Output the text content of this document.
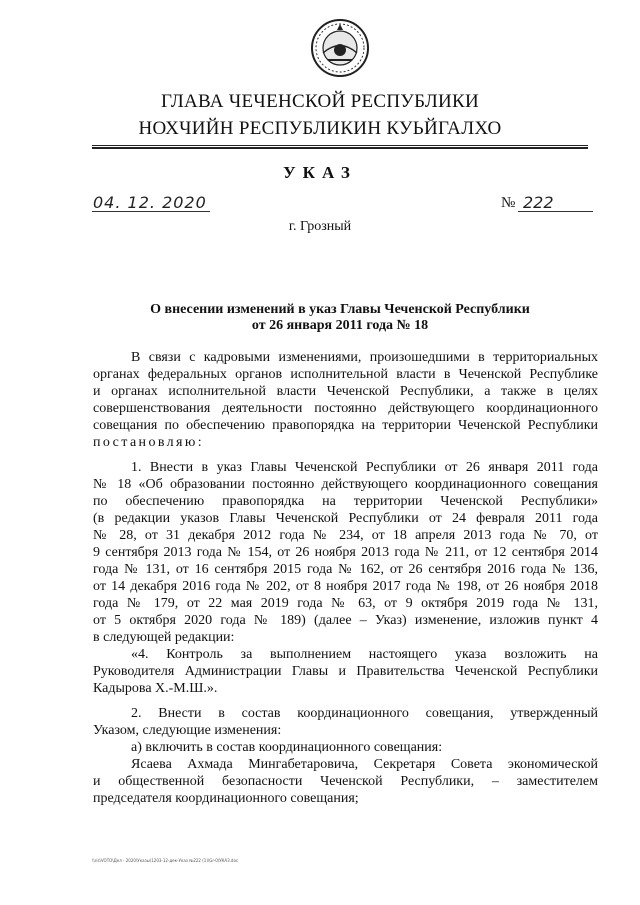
ГЛАВА ЧЕЧЕНСКОЙ РЕСПУБЛИКИ
НОХЧИЙН РЕСПУБЛИКИН КУЬЙГАЛХО
УКАЗ
04. 12. 2020	№ 222
г. Грозный
О внесении изменений в указ Главы Чеченской Республики
от 26 января 2011 года № 18
В связи с кадровыми изменениями, произошедшими в территориальных
органах федеральных органов исполнительной власти в Чеченской Республике
и органах исполнительной власти Чеченской Республики, а также в целях
совершенствования деятельности постоянно действующего координационного
совещания по обеспечению правопорядка на территории Чеченской Республики
постановляю:
1. Внести в указ Главы Чеченской Республики от 26 января 2011 года
№ 18 «Об образовании постоянно действующего координационного совещания
по обеспечению правопорядка на территории Чеченской Республики»
(в редакции указов Главы Чеченской Республики от 24 февраля 2011 года
№ 28, от 31 декабря 2012 года № 234, от 18 апреля 2013 года № 70, от
9 сентября 2013 года № 154, от 26 ноября 2013 года № 211, от 12 сентября 2014
года № 131, от 16 сентября 2015 года № 162, от 26 сентября 2016 года № 136,
от 14 декабря 2016 года № 202, от 8 ноября 2017 года № 198, от 26 ноября 2018
года № 179, от 22 мая 2019 года № 63, от 9 октября 2019 года № 131,
от 5 октября 2020 года № 189) (далее – Указ) изменение, изложив пункт 4
в следующей редакции:
«4. Контроль за выполнением настоящего указа возложить на
Руководителя Администрации Главы и Правительства Чеченской Республики
Кадырова Х.-М.Ш.».
2. Внести в состав координационного совещания, утвержденный
Указом, следующие изменения:
а) включить в состав координационного совещания:
Ясаева Ахмада Мингабетаровича, Секретаря Совета экономической
и общественной безопасности Чеченской Республики, – заместителем
председателя координационного совещания;
\\ris\VOTO\Дел - 2020\Указы\1203-12-дек-Указ №222 (1)\Gr-0\УКАЗ.doc
